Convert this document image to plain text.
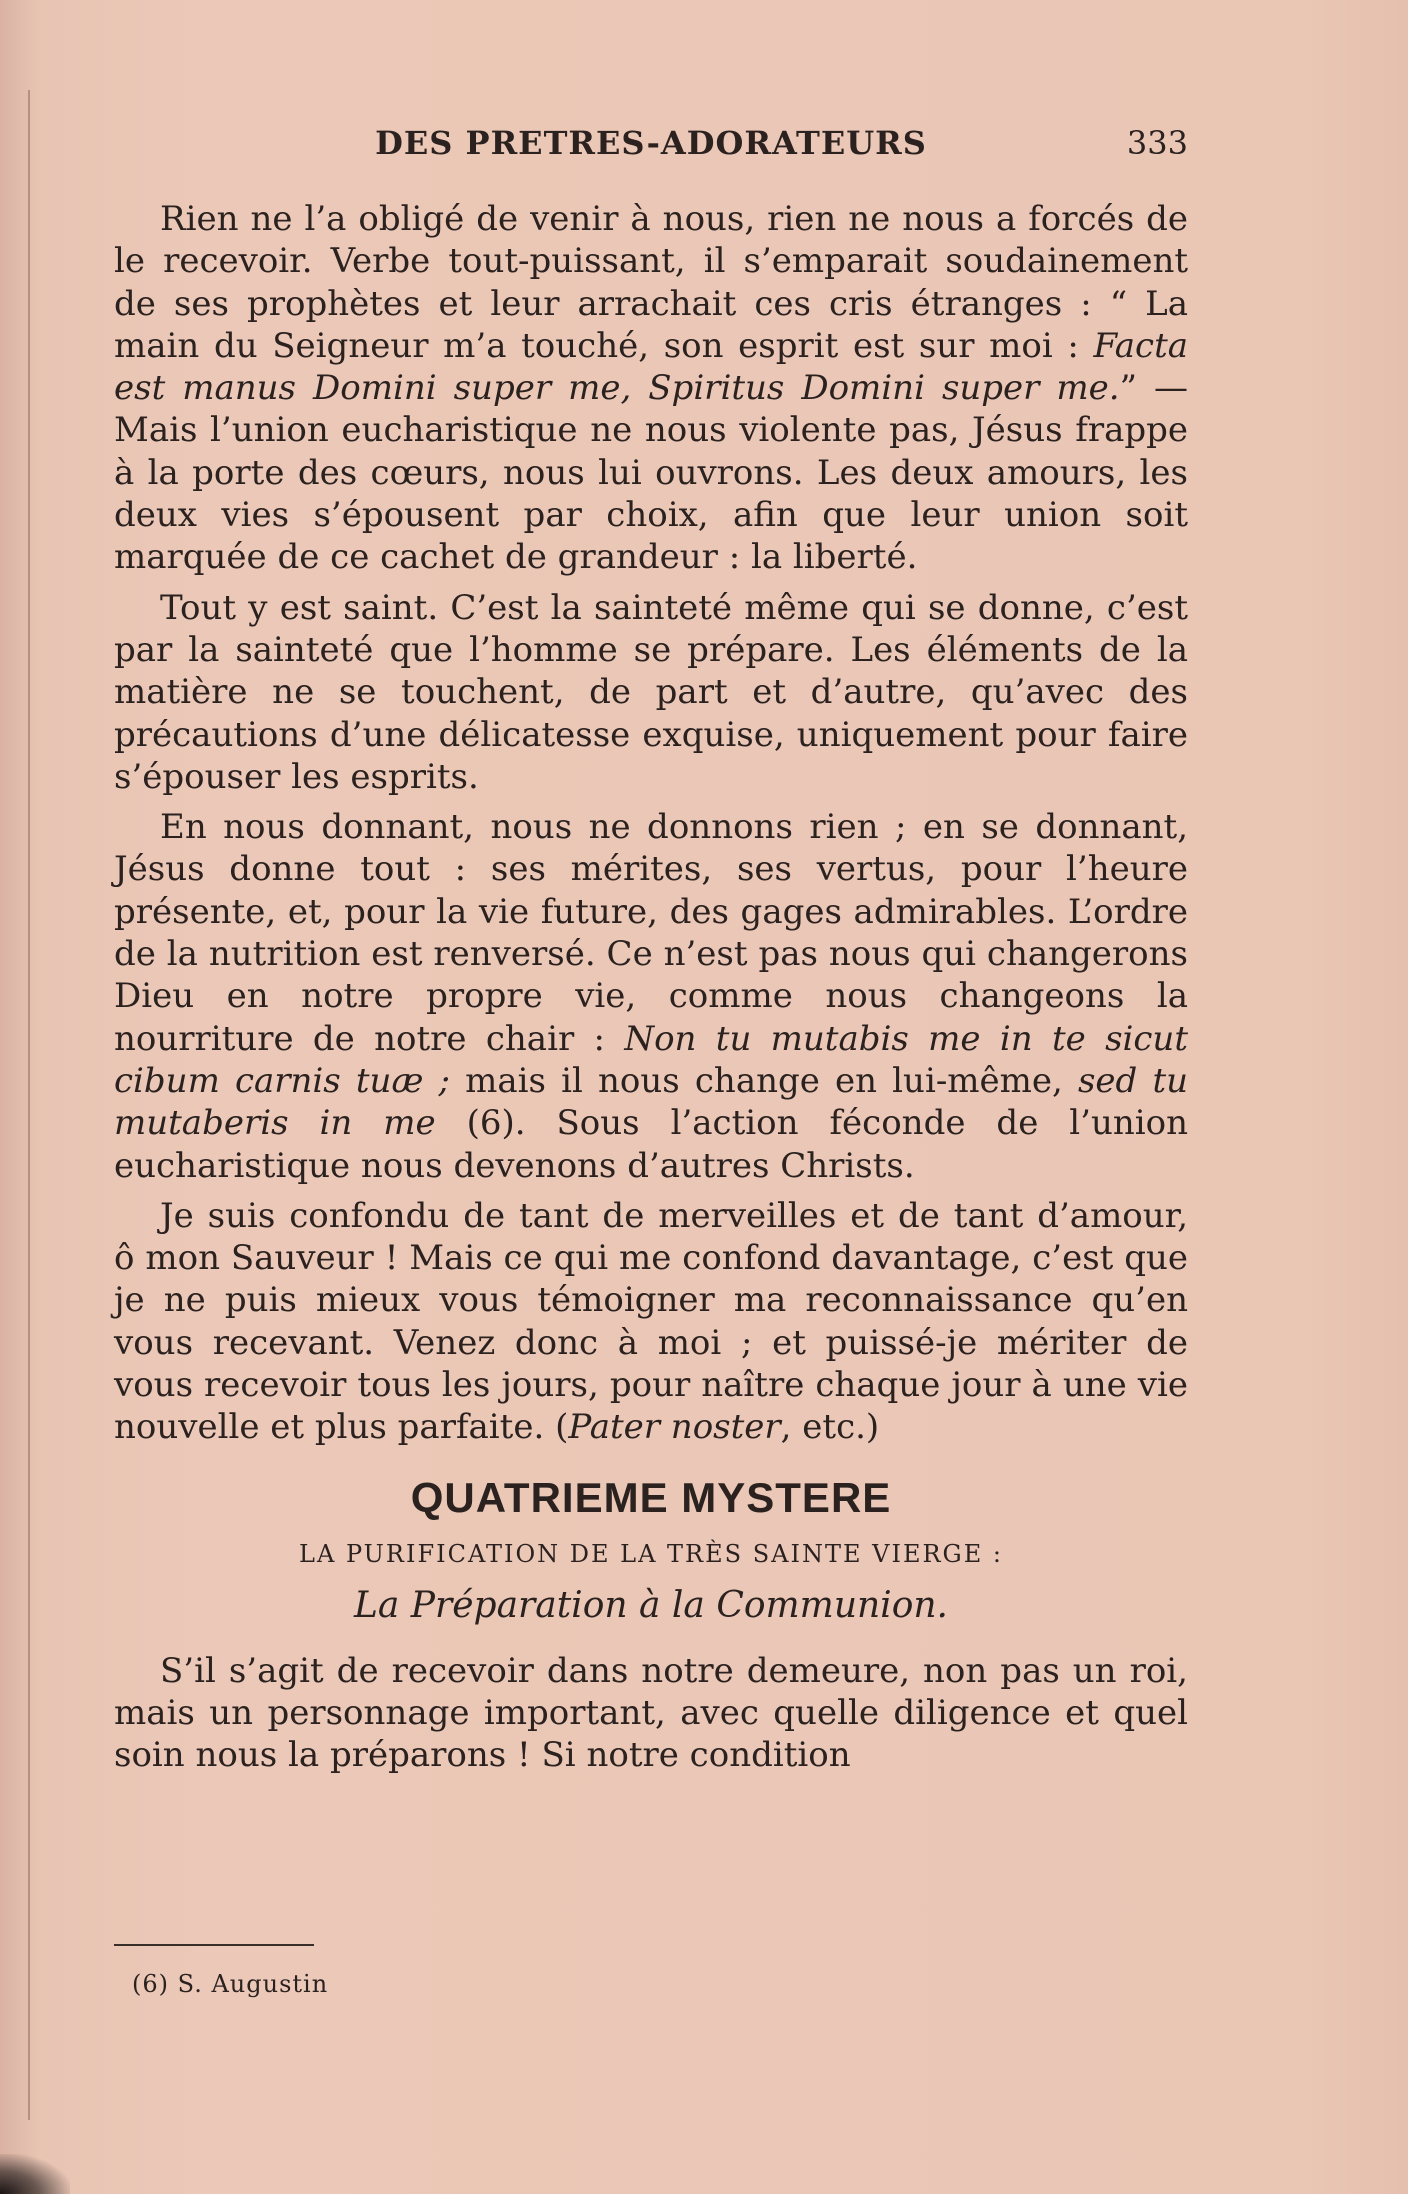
DES PRETRES-ADORATEURS	333

Rien ne l’a obligé de venir à nous, rien ne nous a forcés de le recevoir. Verbe tout-puissant, il s’emparait soudainement de ses prophètes et leur arrachait ces cris étranges : “ La main du Seigneur m’a touché, son esprit est sur moi : Facta est manus Domini super me, Spiritus Domini super me.” — Mais l’union eucharistique ne nous violente pas, Jésus frappe à la porte des cœurs, nous lui ouvrons. Les deux amours, les deux vies s’épousent par choix, afin que leur union soit marquée de ce cachet de grandeur : la liberté.

Tout y est saint. C’est la sainteté même qui se donne, c’est par la sainteté que l’homme se prépare. Les éléments de la matière ne se touchent, de part et d’autre, qu’avec des précautions d’une délicatesse exquise, uniquement pour faire s’épouser les esprits.

En nous donnant, nous ne donnons rien ; en se donnant, Jésus donne tout : ses mérites, ses vertus, pour l’heure présente, et, pour la vie future, des gages admirables. L’ordre de la nutrition est renversé. Ce n’est pas nous qui changerons Dieu en notre propre vie, comme nous changeons la nourriture de notre chair : Non tu mutabis me in te sicut cibum carnis tuæ ; mais il nous change en lui-même, sed tu mutaberis in me (6). Sous l’action féconde de l’union eucharistique nous devenons d’autres Christs.

Je suis confondu de tant de merveilles et de tant d’amour, ô mon Sauveur ! Mais ce qui me confond davantage, c’est que je ne puis mieux vous témoigner ma reconnaissance qu’en vous recevant. Venez donc à moi ; et puissé-je mériter de vous recevoir tous les jours, pour naître chaque jour à une vie nouvelle et plus parfaite. (Pater noster, etc.)

QUATRIEME MYSTERE
LA PURIFICATION DE LA TRÈS SAINTE VIERGE :
La Préparation à la Communion.

S’il s’agit de recevoir dans notre demeure, non pas un roi, mais un personnage important, avec quelle diligence et quel soin nous la préparons ! Si notre condition

(6) S. Augustin
